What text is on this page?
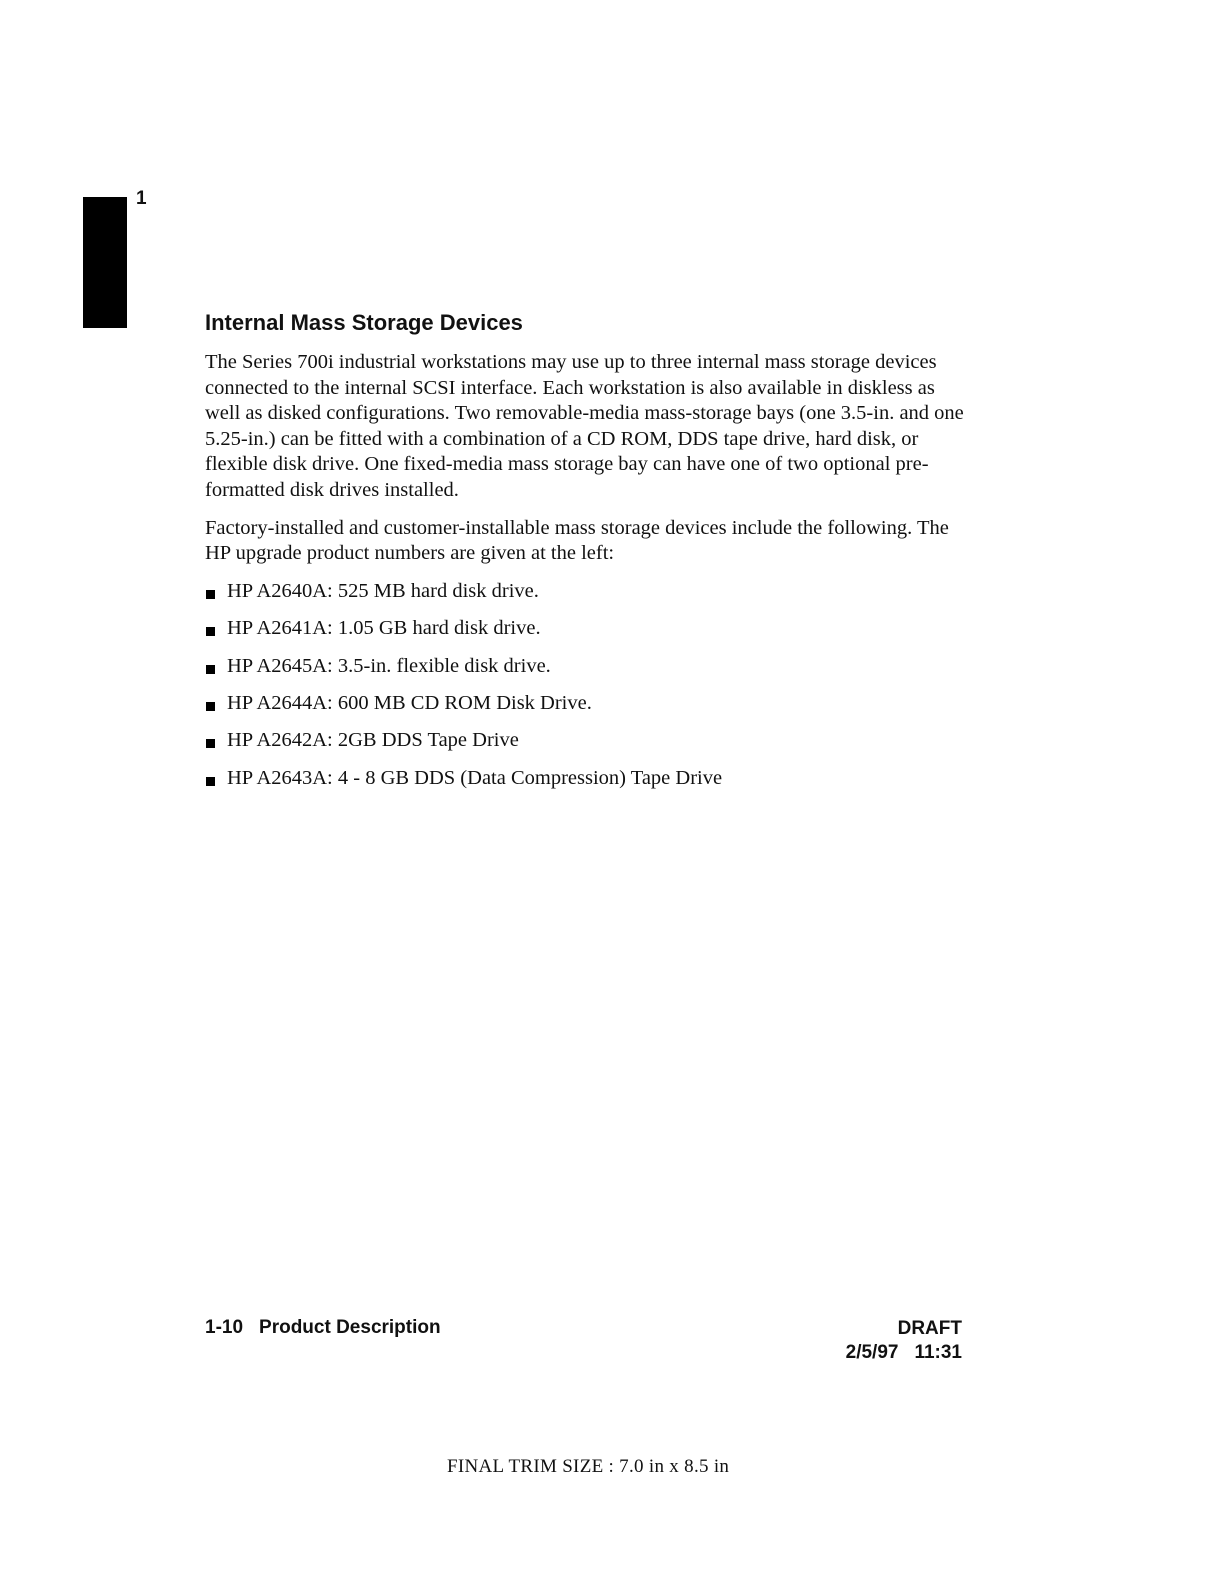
1
Internal Mass Storage Devices

The Series 700i industrial workstations may use up to three internal mass storage devices connected to the internal SCSI interface. Each workstation is also available in diskless as well as disked configurations. Two removable-media mass-storage bays (one 3.5-in. and one 5.25-in.) can be fitted with a combination of a CD ROM, DDS tape drive, hard disk, or flexible disk drive. One fixed-media mass storage bay can have one of two optional pre-formatted disk drives installed.

Factory-installed and customer-installable mass storage devices include the following. The HP upgrade product numbers are given at the left:

HP A2640A: 525 MB hard disk drive.
HP A2641A: 1.05 GB hard disk drive.
HP A2645A: 3.5-in. flexible disk drive.
HP A2644A: 600 MB CD ROM Disk Drive.
HP A2642A: 2GB DDS Tape Drive
HP A2643A: 4 - 8 GB DDS (Data Compression) Tape Drive
1-10 Product Description	DRAFT
2/5/97 11:31
FINAL TRIM SIZE : 7.0 in x 8.5 in
